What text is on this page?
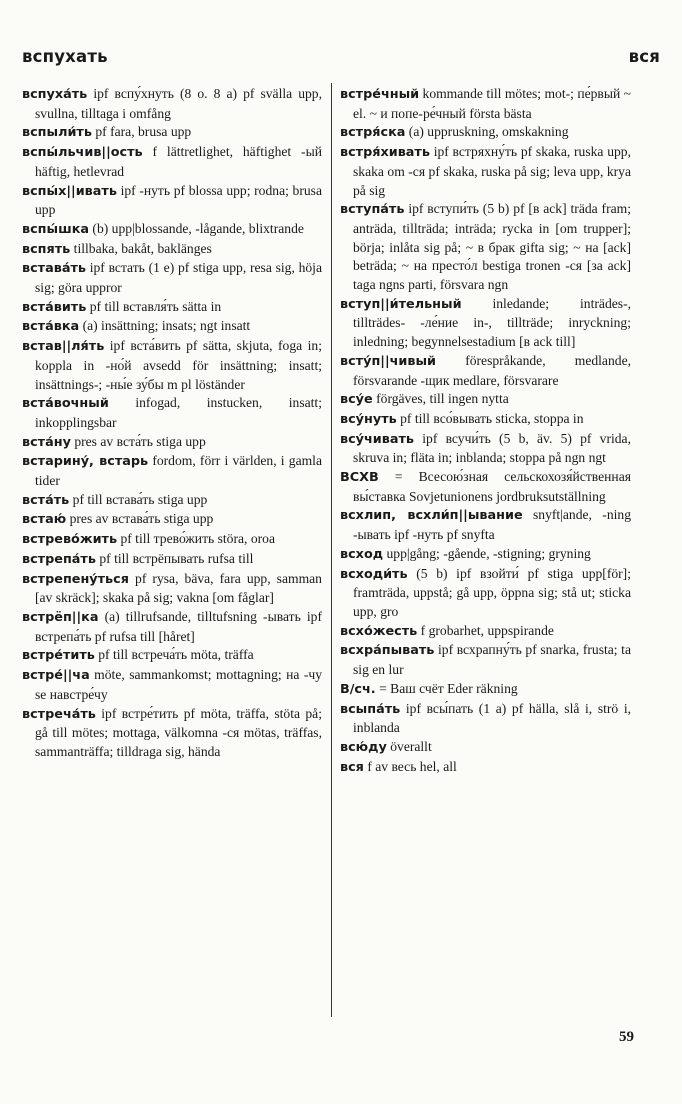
вспухать	вся
вспуха́ть ipf вспу́хнуть (8 o. 8 a) pf svälla upp, svullna, tilltaga i omfång
вспыли́ть pf fara, brusa upp
вспы́льчив||ость f lättretlighet, häftighet -ый häftig, hetlevrad
вспы́х||ивать ipf -нуть pf blossa upp; rodna; brusa upp
вспы́шка (b) upp|blossande, -lågande, blixtrande
вспять tillbaka, bakåt, baklänges
встава́ть ipf встать (1 e) pf stiga upp, resa sig, höja sig; göra uppror
вста́вить pf till вставля́ть sätta in
вста́вка (a) insättning; insats; ngt insatt
встав||ля́ть ipf вста́вить pf sätta, skjuta, foga in; koppla in -но́й avsedd för insättning; insatt; insättnings-; -ны́е зу́бы m pl löständer
вста́вочный infogad, instucken, insatt; inkopplingsbar
вста́ну pres av вста́ть stiga upp
встарину́, встарь fordom, förr i världen, i gamla tider
вста́ть pf till встава́ть stiga upp
встаю́ pres av встава́ть stiga upp
встрево́жить pf till трево́жить störa, oroa
встрепа́ть pf till встрёпывать rufsa till
встрепену́ться pf rysa, bäva, fara upp, samman [av skräck]; skaka på sig; vakna [om fåglar]
встрёп||ка (a) tillrufsande, tilltufsning -ывать ipf встрепа́ть pf rufsa till [håret]
встре́тить pf till встреча́ть möta, träffa
встре́||ча möte, sammankomst; mottagning; на -чу se навстре́чу
встреча́ть ipf встре́тить pf möta, träffa, stöta på; gå till mötes; mottaga, välkomna -ся mötas, träffas, sammanträffa; tilldraga sig, hända
встре́чный kommande till mötes; mot-; пе́рвый ~ el. ~ и попе-ре́чный första bästa
встря́ска (a) uppruskning, omskakning
встря́хивать ipf встряхну́ть pf skaka, ruska upp, skaka om -ся pf skaka, ruska på sig; leva upp, krya på sig
вступа́ть ipf вступи́ть (5 b) pf [в ack] träda fram; anträda, tillträda; inträda; rycka in [om trupper]; börja; inlåta sig på; ~ в брак gifta sig; ~ на [ack] beträda; ~ на престо́л bestiga tronen -ся [за ack] taga ngns parti, försvara ngn
вступ||и́тельный inledande; inträdes-, tillträdes- -ле́ние in-, tillträde; inryckning; inledning; begynnelsestadium [в ack till]
всту́п||чивый förespråkande, medlande, försvarande -щик medlare, försvarare
всу́е förgäves, till ingen nytta
всу́нуть pf till всо́вывать sticka, stoppa in
всу́чивать ipf всучи́ть (5 b, äv. 5) pf vrida, skruva in; fläta in; inblanda; stoppa på ngn ngt
ВСХВ = Всесою́зная сельскохозя́йственная вы́ставка Sovjetunionens jordbruksutställning
всхлип, всхли́п||ывание snyft|ande, -ning -ывать ipf -нуть pf snyfta
всход upp|gång; -gående, -stigning; gryning
всходи́ть (5 b) ipf взойти́ pf stiga upp[för]; framträda, uppstå; gå upp, öppna sig; stå ut; sticka upp, gro
всхо́жесть f grobarhet, uppspirande
всхра́пывать ipf всхрапну́ть pf snarka, frusta; ta sig en lur
В/сч. = Ваш счёт Eder räkning
всыпа́ть ipf всы́пать (1 a) pf hälla, slå i, strö i, inblanda
всю́ду överallt
вся f av весь hel, all
59
